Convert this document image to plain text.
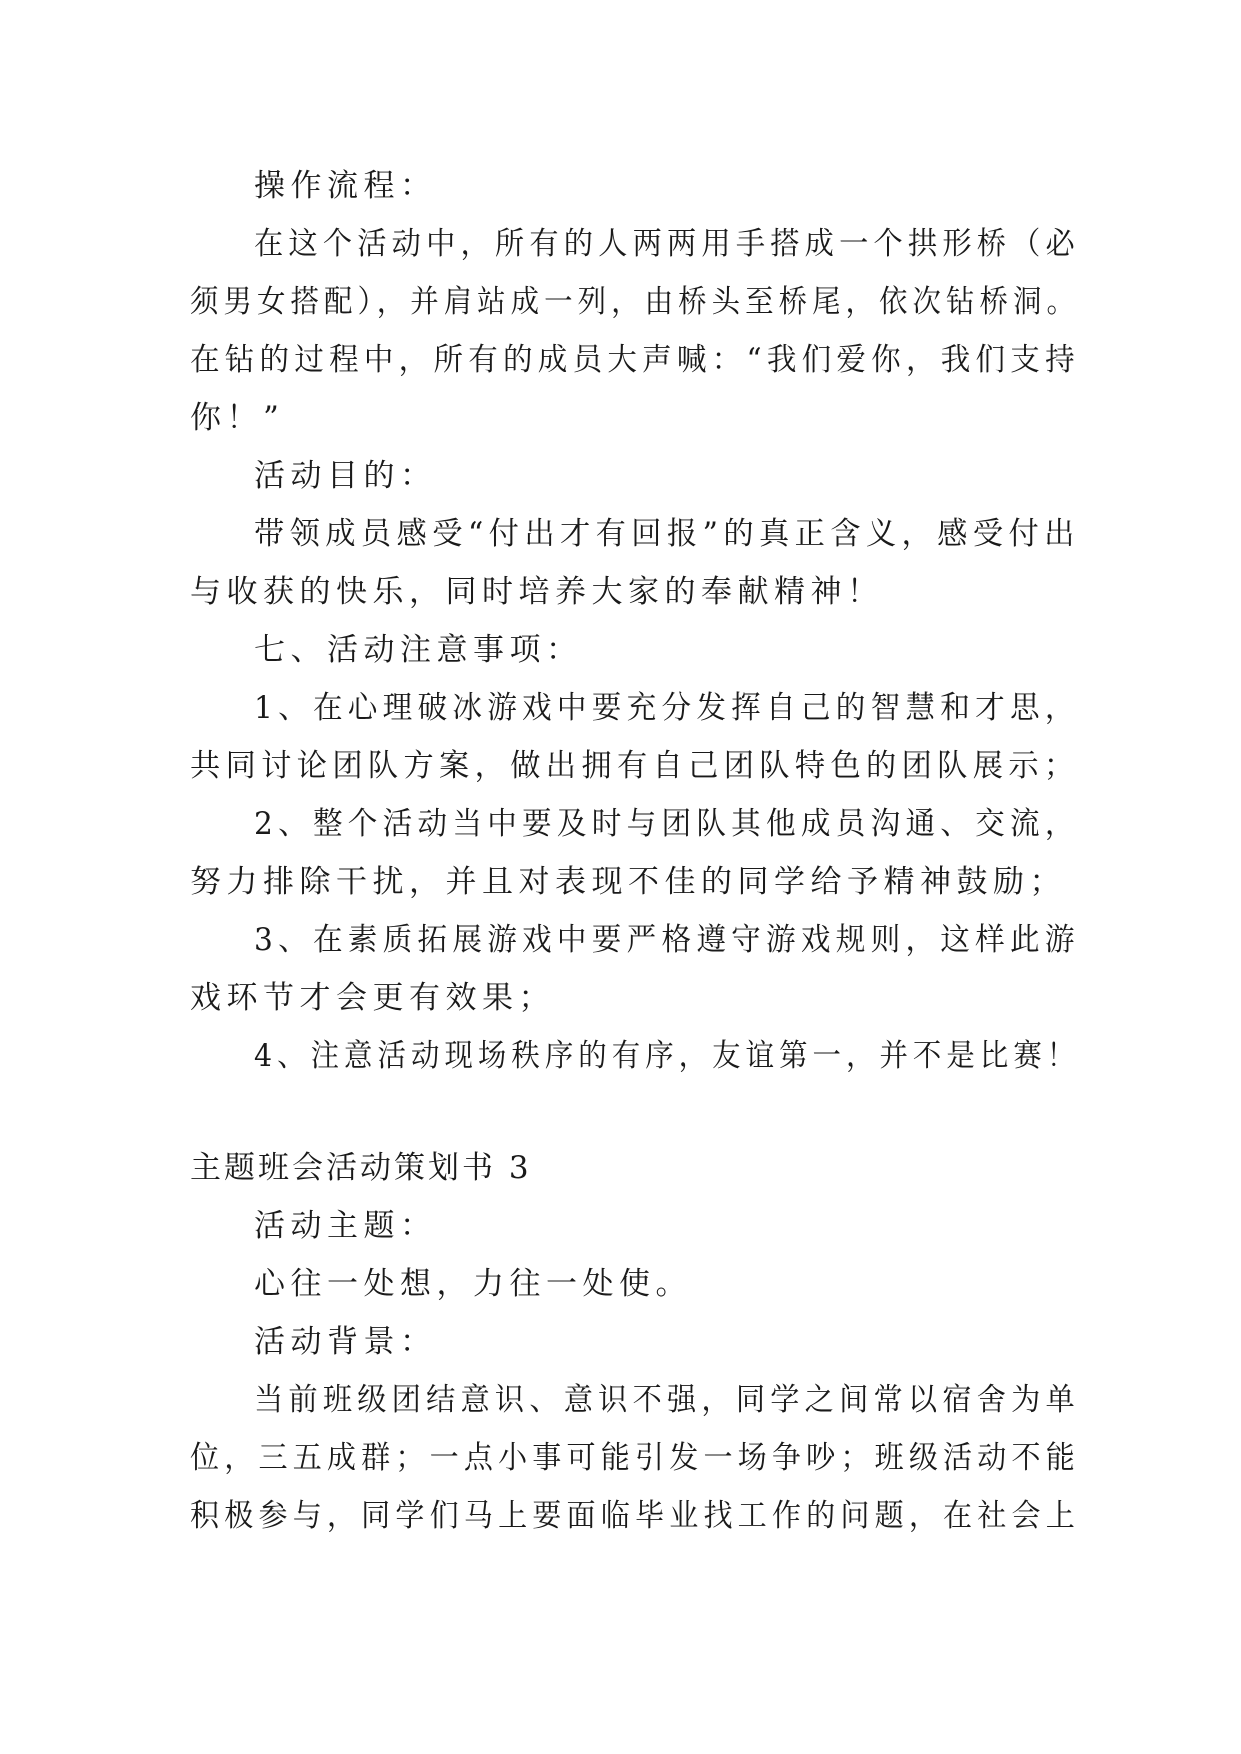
操作流程：
在这个活动中，所有的人两两用手搭成一个拱形桥（必
须男女搭配），并肩站成一列，由桥头至桥尾，依次钻桥洞。
在钻的过程中，所有的成员大声喊：“我们爱你，我们支持
你！”
活动目的：
带领成员感受“付出才有回报”的真正含义，感受付出
与收获的快乐，同时培养大家的奉献精神！
七、活动注意事项：
1、在心理破冰游戏中要充分发挥自己的智慧和才思，
共同讨论团队方案，做出拥有自己团队特色的团队展示；
2、整个活动当中要及时与团队其他成员沟通、交流，
努力排除干扰，并且对表现不佳的同学给予精神鼓励；
3、在素质拓展游戏中要严格遵守游戏规则，这样此游
戏环节才会更有效果；
4、注意活动现场秩序的有序，友谊第一，并不是比赛！
主题班会活动策划书 3
活动主题：
心往一处想，力往一处使。
活动背景：
当前班级团结意识、意识不强，同学之间常以宿舍为单
位，三五成群；一点小事可能引发一场争吵；班级活动不能
积极参与，同学们马上要面临毕业找工作的问题，在社会上
